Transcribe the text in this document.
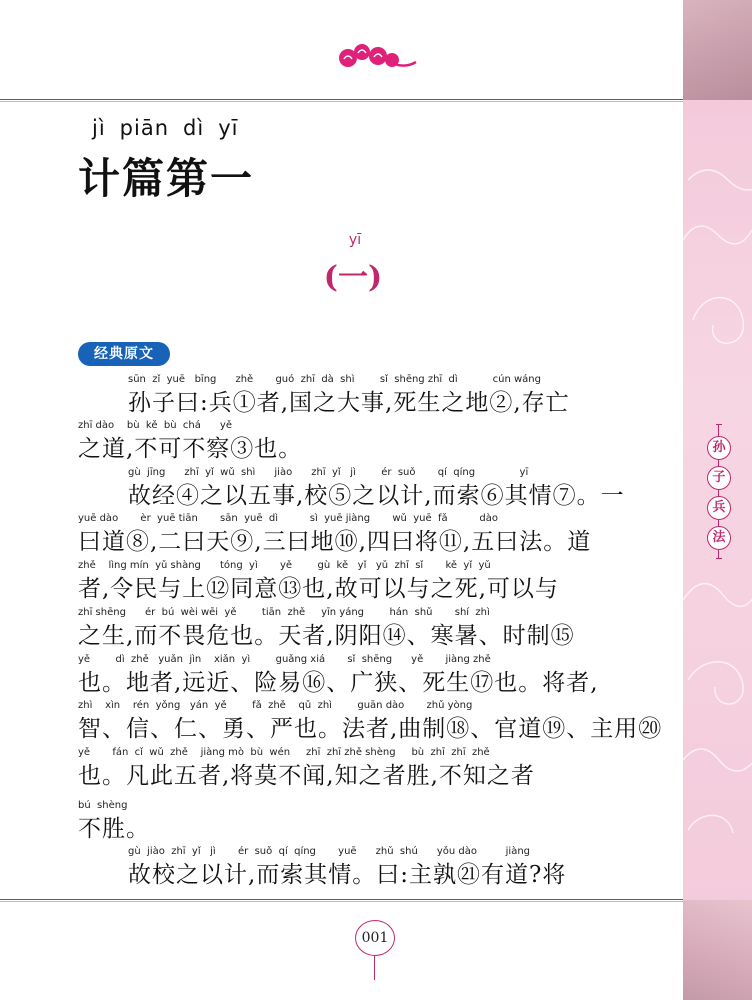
jì piān dì yī
计篇第一
yī
(一)
经典原文
sūn  zǐ  yuē   bīng      zhě       guó  zhī  dà  shì        sǐ  shēng zhī  dì           cún wáng
孙子曰:兵①者,国之大事,死生之地②,存亡
zhī dào    bù  kě  bù  chá      yě
之道,不可不察③也。
gù  jīng      zhī  yǐ  wǔ  shì      jiào      zhī  yǐ   jì        ér  suǒ       qí  qíng              yī
故经④之以五事,校⑤之以计,而索⑥其情⑦。一
yuē dào       èr  yuē tiān       sān  yuē  dì          sì  yuē jiàng       wǔ  yuē  fǎ          dào
曰道⑧,二曰天⑨,三曰地⑩,四曰将⑪,五曰法。道
zhě    lìng mín  yǔ shàng      tóng  yì       yě        gù  kě   yǐ   yǔ  zhī  sǐ       kě  yǐ  yǔ
者,令民与上⑫同意⑬也,故可以与之死,可以与
zhī shēng      ér  bú  wèi wēi  yě        tiān  zhě     yīn yáng        hán  shǔ       shí  zhì
之生,而不畏危也。天者,阴阳⑭、寒暑、时制⑮
yě        dì  zhě   yuǎn  jìn    xiǎn  yì        guǎng xiá       sǐ  shēng      yě       jiàng zhě
也。地者,远近、险易⑯、广狭、死生⑰也。将者,
zhì    xìn    rén  yǒng   yán  yě        fǎ  zhě    qǔ  zhì        guān dào       zhǔ yòng
智、信、仁、勇、严也。法者,曲制⑱、官道⑲、主用⑳
yě       fán  cǐ  wǔ  zhě    jiàng mò  bù  wén     zhī  zhī zhě shèng     bù  zhī  zhī  zhě
也。凡此五者,将莫不闻,知之者胜,不知之者
bú  shèng
不胜。
gù  jiào  zhī  yǐ   jì       ér  suǒ  qí  qíng       yuē      zhǔ  shú      yǒu dào         jiàng
故校之以计,而索其情。曰:主孰㉑有道?将
孙
子
兵
法
001
